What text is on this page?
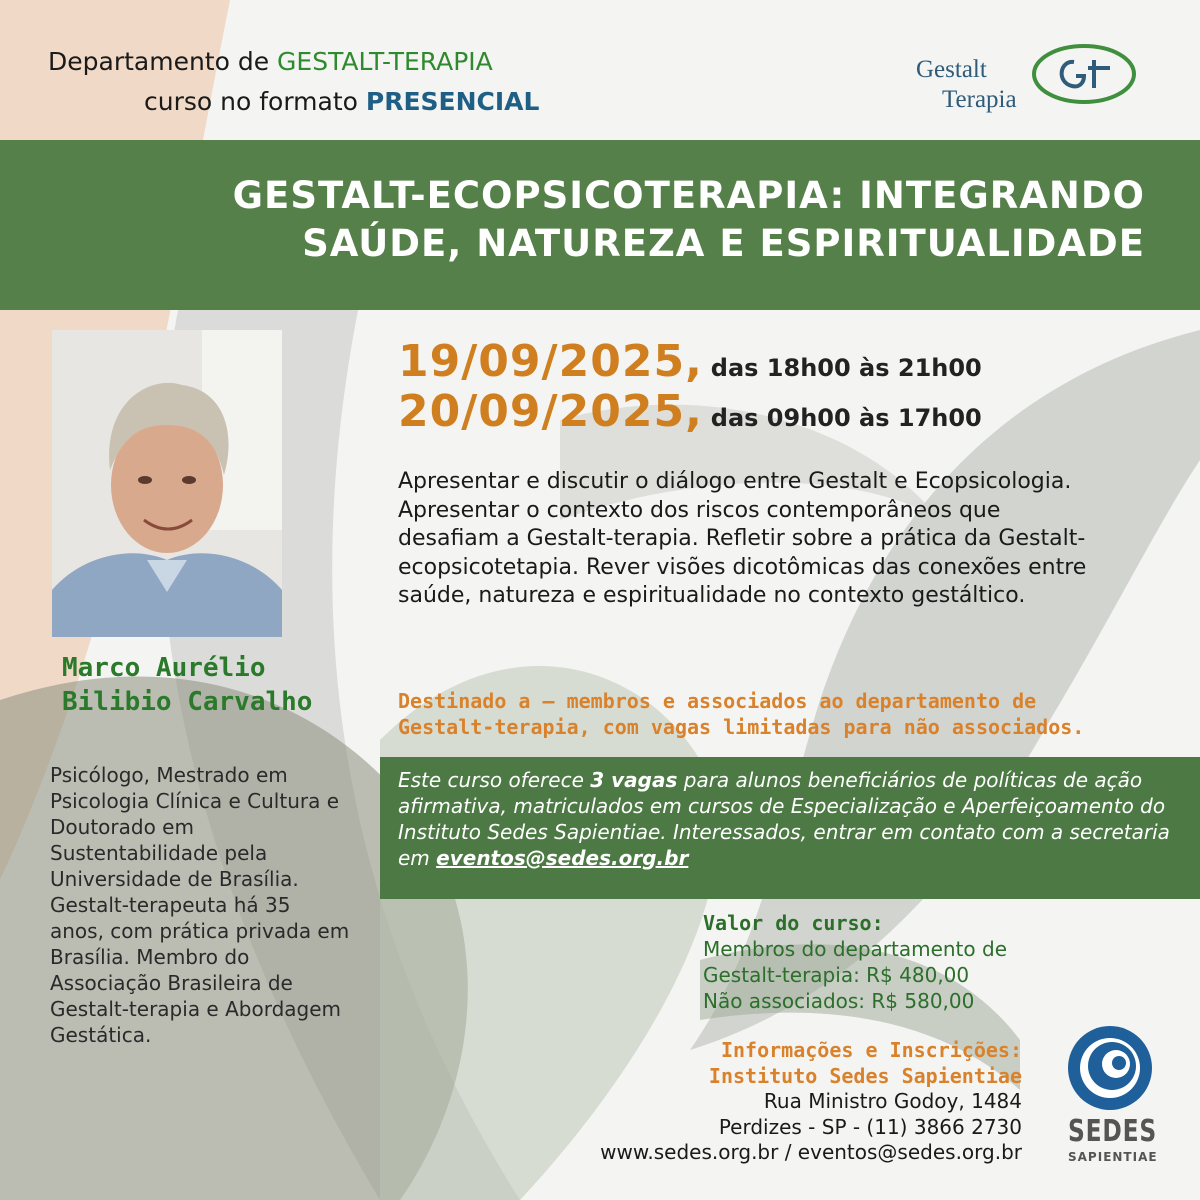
Departamento de GESTALT-TERAPIA
curso no formato PRESENCIAL
Gestalt
Terapia
GESTALT-ECOPSICOTERAPIA: INTEGRANDO
SAÚDE, NATUREZA E ESPIRITUALIDADE
Marco Aurélio
Bilibio Carvalho
Psicólogo, Mestrado em Psicologia Clínica e Cultura e Doutorado em Sustentabilidade pela Universidade de Brasília. Gestalt-terapeuta há 35 anos, com prática privada em Brasília. Membro do Associação Brasileira de Gestalt-terapia e Abordagem Gestática.
19/09/2025, das 18h00 às 21h00
20/09/2025, das 09h00 às 17h00
Apresentar e discutir o diálogo entre Gestalt e Ecopsicologia. Apresentar o contexto dos riscos contemporâneos que desafiam a Gestalt-terapia. Refletir sobre a prática da Gestalt-ecopsicotetapia. Rever visões dicotômicas das conexões entre saúde, natureza e espiritualidade no contexto gestáltico.
Destinado a – membros e associados ao departamento de Gestalt-terapia, com vagas limitadas para não associados.
Este curso oferece 3 vagas para alunos beneficiários de políticas de ação afirmativa, matriculados em cursos de Especialização e Aperfeiçoamento do Instituto Sedes Sapientiae. Interessados, entrar em contato com a secretaria em eventos@sedes.org.br
Valor do curso:
Membros do departamento de
Gestalt-terapia: R$ 480,00
Não associados: R$ 580,00
Informações e Inscrições:
Instituto Sedes Sapientiae
Rua Ministro Godoy, 1484
Perdizes - SP - (11) 3866 2730
www.sedes.org.br / eventos@sedes.org.br
SEDES
SAPIENTIAE
